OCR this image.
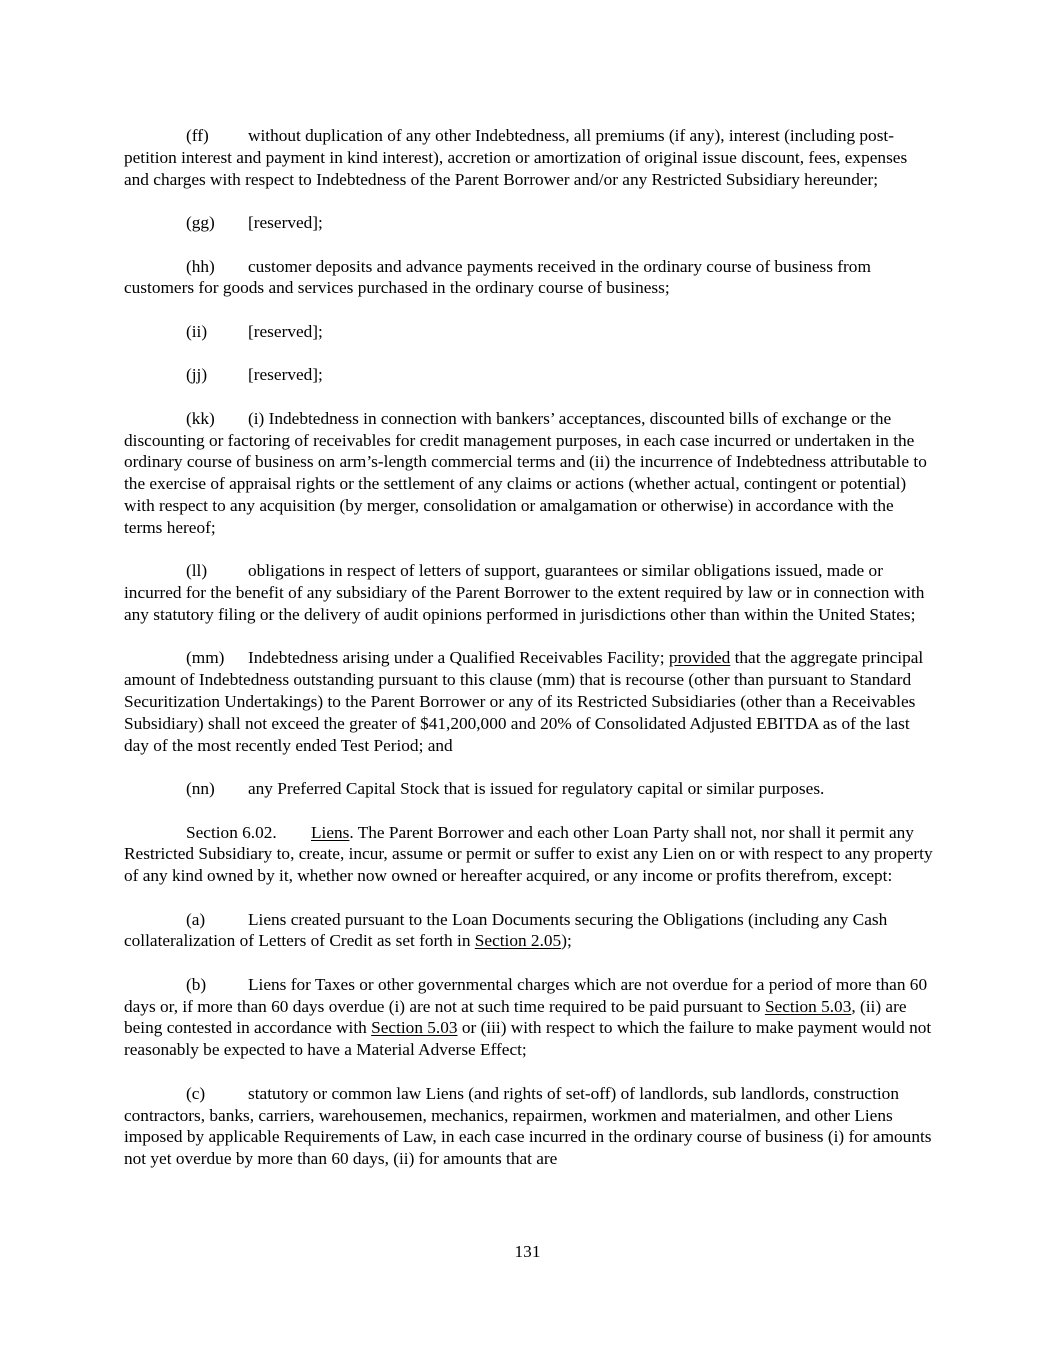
(ff) without duplication of any other Indebtedness, all premiums (if any), interest (including post-petition interest and payment in kind interest), accretion or amortization of original issue discount, fees, expenses and charges with respect to Indebtedness of the Parent Borrower and/or any Restricted Subsidiary hereunder;

(gg) [reserved];

(hh) customer deposits and advance payments received in the ordinary course of business from customers for goods and services purchased in the ordinary course of business;

(ii) [reserved];

(jj) [reserved];

(kk) (i) Indebtedness in connection with bankers’ acceptances, discounted bills of exchange or the discounting or factoring of receivables for credit management purposes, in each case incurred or undertaken in the ordinary course of business on arm’s-length commercial terms and (ii) the incurrence of Indebtedness attributable to the exercise of appraisal rights or the settlement of any claims or actions (whether actual, contingent or potential) with respect to any acquisition (by merger, consolidation or amalgamation or otherwise) in accordance with the terms hereof;

(ll) obligations in respect of letters of support, guarantees or similar obligations issued, made or incurred for the benefit of any subsidiary of the Parent Borrower to the extent required by law or in connection with any statutory filing or the delivery of audit opinions performed in jurisdictions other than within the United States;

(mm) Indebtedness arising under a Qualified Receivables Facility; provided that the aggregate principal amount of Indebtedness outstanding pursuant to this clause (mm) that is recourse (other than pursuant to Standard Securitization Undertakings) to the Parent Borrower or any of its Restricted Subsidiaries (other than a Receivables Subsidiary) shall not exceed the greater of $41,200,000 and 20% of Consolidated Adjusted EBITDA as of the last day of the most recently ended Test Period; and

(nn) any Preferred Capital Stock that is issued for regulatory capital or similar purposes.

Section 6.02. Liens. The Parent Borrower and each other Loan Party shall not, nor shall it permit any Restricted Subsidiary to, create, incur, assume or permit or suffer to exist any Lien on or with respect to any property of any kind owned by it, whether now owned or hereafter acquired, or any income or profits therefrom, except:

(a) Liens created pursuant to the Loan Documents securing the Obligations (including any Cash collateralization of Letters of Credit as set forth in Section 2.05);

(b) Liens for Taxes or other governmental charges which are not overdue for a period of more than 60 days or, if more than 60 days overdue (i) are not at such time required to be paid pursuant to Section 5.03, (ii) are being contested in accordance with Section 5.03 or (iii) with respect to which the failure to make payment would not reasonably be expected to have a Material Adverse Effect;

(c) statutory or common law Liens (and rights of set-off) of landlords, sub landlords, construction contractors, banks, carriers, warehousemen, mechanics, repairmen, workmen and materialmen, and other Liens imposed by applicable Requirements of Law, in each case incurred in the ordinary course of business (i) for amounts not yet overdue by more than 60 days, (ii) for amounts that are

131
